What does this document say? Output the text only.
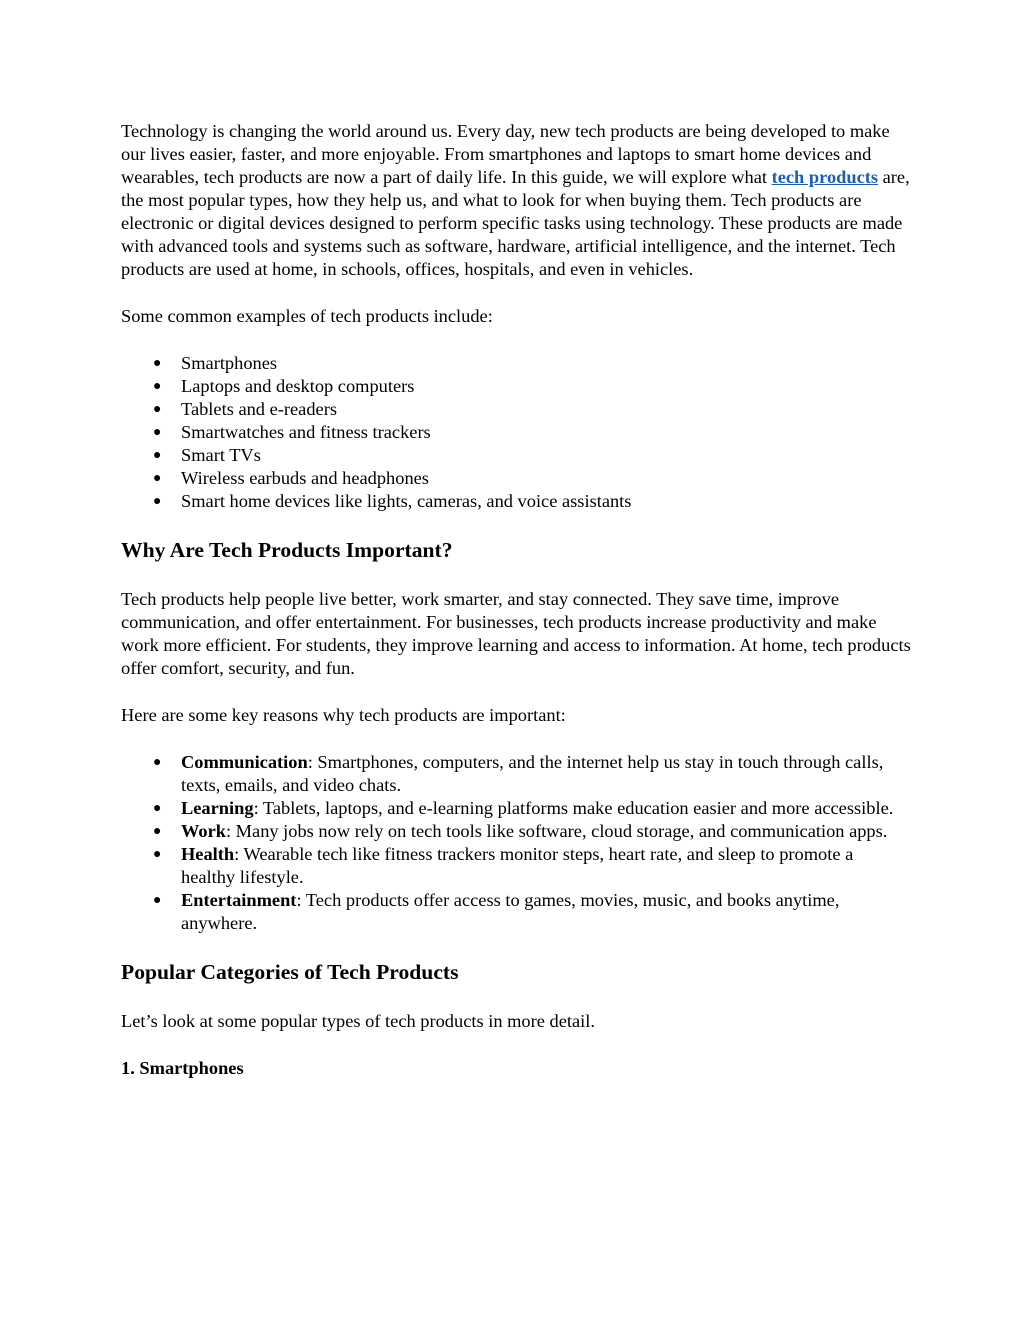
Technology is changing the world around us. Every day, new tech products are being developed to make our lives easier, faster, and more enjoyable. From smartphones and laptops to smart home devices and wearables, tech products are now a part of daily life. In this guide, we will explore what tech products are, the most popular types, how they help us, and what to look for when buying them. Tech products are electronic or digital devices designed to perform specific tasks using technology. These products are made with advanced tools and systems such as software, hardware, artificial intelligence, and the internet. Tech products are used at home, in schools, offices, hospitals, and even in vehicles.

Some common examples of tech products include:

● Smartphones
● Laptops and desktop computers
● Tablets and e-readers
● Smartwatches and fitness trackers
● Smart TVs
● Wireless earbuds and headphones
● Smart home devices like lights, cameras, and voice assistants
Why Are Tech Products Important?

Tech products help people live better, work smarter, and stay connected. They save time, improve communication, and offer entertainment. For businesses, tech products increase productivity and make work more efficient. For students, they improve learning and access to information. At home, tech products offer comfort, security, and fun.

Here are some key reasons why tech products are important:

● Communication: Smartphones, computers, and the internet help us stay in touch through calls, texts, emails, and video chats.
● Learning: Tablets, laptops, and e-learning platforms make education easier and more accessible.
● Work: Many jobs now rely on tech tools like software, cloud storage, and communication apps.
● Health: Wearable tech like fitness trackers monitor steps, heart rate, and sleep to promote a healthy lifestyle.
● Entertainment: Tech products offer access to games, movies, music, and books anytime, anywhere.
Popular Categories of Tech Products

Let’s look at some popular types of tech products in more detail.

1. Smartphones
